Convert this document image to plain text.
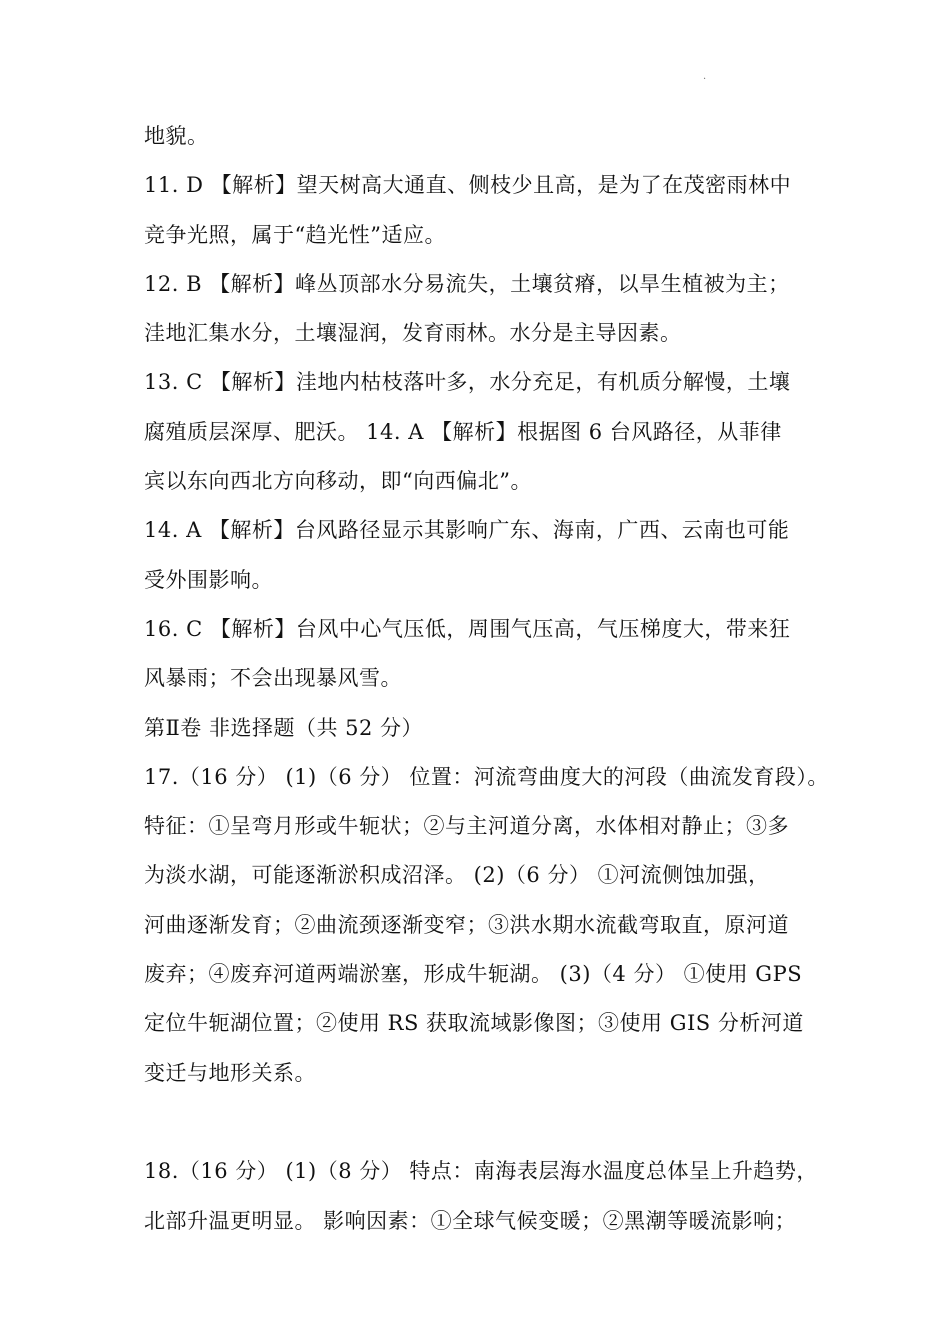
·
地貌。
11. D 【解析】望天树高大通直、侧枝少且高，是为了在茂密雨林中
竞争光照，属于“趋光性”适应。
12. B 【解析】峰丛顶部水分易流失，土壤贫瘠，以旱生植被为主；
洼地汇集水分，土壤湿润，发育雨林。水分是主导因素。
13. C 【解析】洼地内枯枝落叶多，水分充足，有机质分解慢，土壤
腐殖质层深厚、肥沃。 14. A 【解析】根据图 6 台风路径，从菲律
宾以东向西北方向移动，即“向西偏北”。
14. A 【解析】台风路径显示其影响广东、海南，广西、云南也可能
受外围影响。
16. C 【解析】台风中心气压低，周围气压高，气压梯度大，带来狂
风暴雨；不会出现暴风雪。
第Ⅱ卷 非选择题（共 52 分）
17.（16 分） (1)（6 分） 位置：河流弯曲度大的河段（曲流发育段）。
特征：①呈弯月形或牛轭状；②与主河道分离，水体相对静止；③多
为淡水湖，可能逐渐淤积成沼泽。 (2)（6 分） ①河流侧蚀加强，
河曲逐渐发育；②曲流颈逐渐变窄；③洪水期水流截弯取直，原河道
废弃；④废弃河道两端淤塞，形成牛轭湖。 (3)（4 分） ①使用 GPS
定位牛轭湖位置；②使用 RS 获取流域影像图；③使用 GIS 分析河道
变迁与地形关系。
18.（16 分） (1)（8 分） 特点：南海表层海水温度总体呈上升趋势，
北部升温更明显。 影响因素：①全球气候变暖；②黑潮等暖流影响；
